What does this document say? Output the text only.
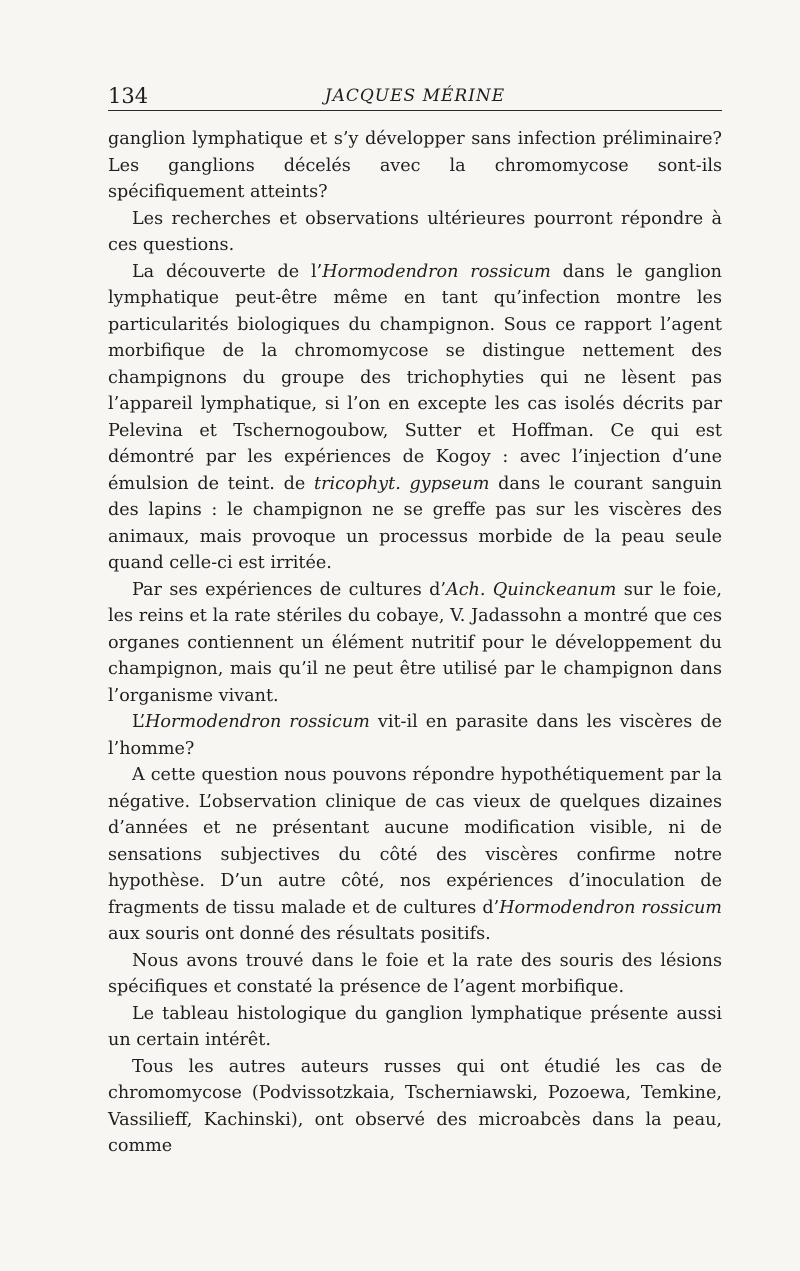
134	JACQUES MÉRINE

ganglion lymphatique et s’y développer sans infection préliminaire? Les ganglions décelés avec la chromomycose sont-ils spécifiquement atteints?

Les recherches et observations ultérieures pourront répondre à ces questions.

La découverte de l’Hormodendron rossicum dans le ganglion lymphatique peut-être même en tant qu’infection montre les particularités biologiques du champignon. Sous ce rapport l’agent morbifique de la chromomycose se distingue nettement des champignons du groupe des trichophyties qui ne lèsent pas l’appareil lymphatique, si l’on en excepte les cas isolés décrits par Pelevina et Tschernogoubow, Sutter et Hoffman. Ce qui est démontré par les expériences de Kogoy : avec l’injection d’une émulsion de teint. de tricophyt. gypseum dans le courant sanguin des lapins : le champignon ne se greffe pas sur les viscères des animaux, mais provoque un processus morbide de la peau seule quand celle-ci est irritée.

Par ses expériences de cultures d’Ach. Quinckeanum sur le foie, les reins et la rate stériles du cobaye, V. Jadassohn a montré que ces organes contiennent un élément nutritif pour le développement du champignon, mais qu’il ne peut être utilisé par le champignon dans l’organisme vivant.

L’Hormodendron rossicum vit-il en parasite dans les viscères de l’homme?

A cette question nous pouvons répondre hypothétiquement par la négative. L’observation clinique de cas vieux de quelques dizaines d’années et ne présentant aucune modification visible, ni de sensations subjectives du côté des viscères confirme notre hypothèse. D’un autre côté, nos expériences d’inoculation de fragments de tissu malade et de cultures d’Hormodendron rossicum aux souris ont donné des résultats positifs.

Nous avons trouvé dans le foie et la rate des souris des lésions spécifiques et constaté la présence de l’agent morbifique.

Le tableau histologique du ganglion lymphatique présente aussi un certain intérêt.

Tous les autres auteurs russes qui ont étudié les cas de chromomycose (Podvissotzkaia, Tscherniawski, Pozoewa, Temkine, Vassilieff, Kachinski), ont observé des microabcès dans la peau, comme
